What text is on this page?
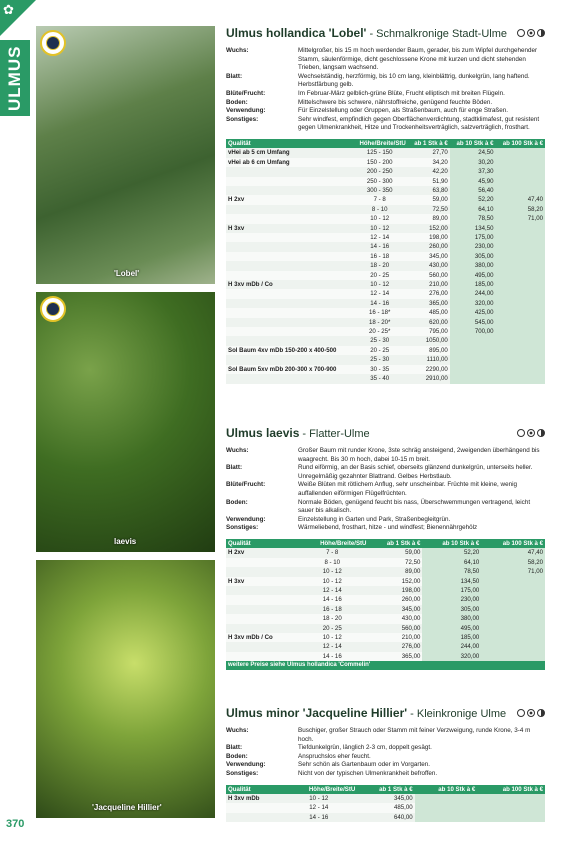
✿
ULMUS
'Lobel'
laevis
'Jacqueline Hillier'
370
Ulmus hollandica 'Lobel' - Schmalkronige Stadt-Ulme
Wuchs:	Mittelgroßer, bis 15 m hoch werdender Baum, gerader, bis zum Wipfel durchgehender Stamm, säulenförmige, dicht geschlossene Krone mit kurzen und dicht stehenden Trieben, langsam wachsend.
Blatt:	Wechselständig, herzförmig, bis 10 cm lang, kleinblättrig, dunkelgrün, lang haftend. Herbstfärbung gelb.
Blüte/Frucht:	Im Februar-März gelblich-grüne Blüte, Frucht elliptisch mit breiten Flügeln.
Boden:	Mittelschwere bis schwere, nährstoffreiche, genügend feuchte Böden.
Verwendung:	Für Einzelstellung oder Gruppen, als Straßenbaum, auch für enge Straßen.
Sonstiges:	Sehr windfest, empfindlich gegen Oberflächenverdichtung, stadtklimafest, gut resistent gegen Ulmenkrankheit, Hitze und Trockenheitsverträglich, salzverträglich, frosthart.
Qualität	Höhe/Breite/StU	ab 1 Stk à €	ab 10 Stk à €	ab 100 Stk à €
vHei ab 5 cm Umfang	125 - 150	27,70	24,50	
vHei ab 6 cm Umfang	150 - 200	34,20	30,20	
	200 - 250	42,20	37,30	
	250 - 300	51,90	45,90	
	300 - 350	63,80	56,40	
H 2xv	7 - 8	59,00	52,20	47,40
	8 - 10	72,50	64,10	58,20
	10 - 12	89,00	78,50	71,00
H 3xv	10 - 12	152,00	134,50	
	12 - 14	198,00	175,00	
	14 - 16	260,00	230,00	
	16 - 18	345,00	305,00	
	18 - 20	430,00	380,00	
	20 - 25	560,00	495,00	
H 3xv mDb / Co	10 - 12	210,00	185,00	
	12 - 14	276,00	244,00	
	14 - 16	365,00	320,00	
	16 - 18*	485,00	425,00	
	18 - 20*	620,00	545,00	
	20 - 25*	795,00	700,00	
	25 - 30	1050,00		
Sol Baum 4xv mDb 150-200 x 400-500	20 - 25	895,00		
	25 - 30	1110,00		
Sol Baum 5xv mDb 200-300 x 700-900	30 - 35	2290,00		
	35 - 40	2910,00		
Ulmus laevis - Flatter-Ulme
Wuchs:	Großer Baum mit runder Krone, 3ste schräg ansteigend, 2weigenden überhängend bis waagrecht. Bis 30 m hoch, dabei 10-15 m breit.
Blatt:	Rund eiförmig, an der Basis schief, oberseits glänzend dunkelgrün, unterseits heller. Unregelmäßig gezahnter Blattrand. Gelbes Herbstlaub.
Blüte/Frucht:	Weiße Blüten mit rötlichem Anflug, sehr unscheinbar. Früchte mit kleine, wenig auffallenden eiförmigen Flügelfrüchten.
Boden:	Normale Böden, genügend feucht bis nass, Überschwemmungen vertragend, leicht sauer bis alkalisch.
Verwendung:	Einzelstellung in Garten und Park, Straßenbegleitgrün.
Sonstiges:	Wärmeliebend, frosthart, hitze - und windfest; Bienennährgehölz
Qualität	Höhe/Breite/StU	ab 1 Stk à €	ab 10 Stk à €	ab 100 Stk à €
H 2xv	7 - 8	59,00	52,20	47,40
	8 - 10	72,50	64,10	58,20
	10 - 12	89,00	78,50	71,00
H 3xv	10 - 12	152,00	134,50	
	12 - 14	198,00	175,00	
	14 - 16	260,00	230,00	
	16 - 18	345,00	305,00	
	18 - 20	430,00	380,00	
	20 - 25	560,00	495,00	
H 3xv mDb / Co	10 - 12	210,00	185,00	
	12 - 14	276,00	244,00	
	14 - 16	365,00	320,00	
weitere Preise siehe Ulmus hollandica 'Commelin'
Ulmus minor 'Jacqueline Hillier' - Kleinkronige Ulme
Wuchs:	Buschiger, großer Strauch oder Stamm mit feiner Verzweigung, runde Krone, 3-4 m hoch.
Blatt:	Tiefdunkelgrün, länglich 2-3 cm, doppelt gesägt.
Boden:	Anspruchslos eher feucht.
Verwendung:	Sehr schön als Gartenbaum oder im Vorgarten.
Sonstiges:	Nicht von der typischen Ulmenkrankheit befroffen.
Qualität	Höhe/Breite/StU	ab 1 Stk à €	ab 10 Stk à €	ab 100 Stk à €
H 3xv mDb	10 - 12	345,00		
	12 - 14	485,00		
	14 - 16	640,00		
